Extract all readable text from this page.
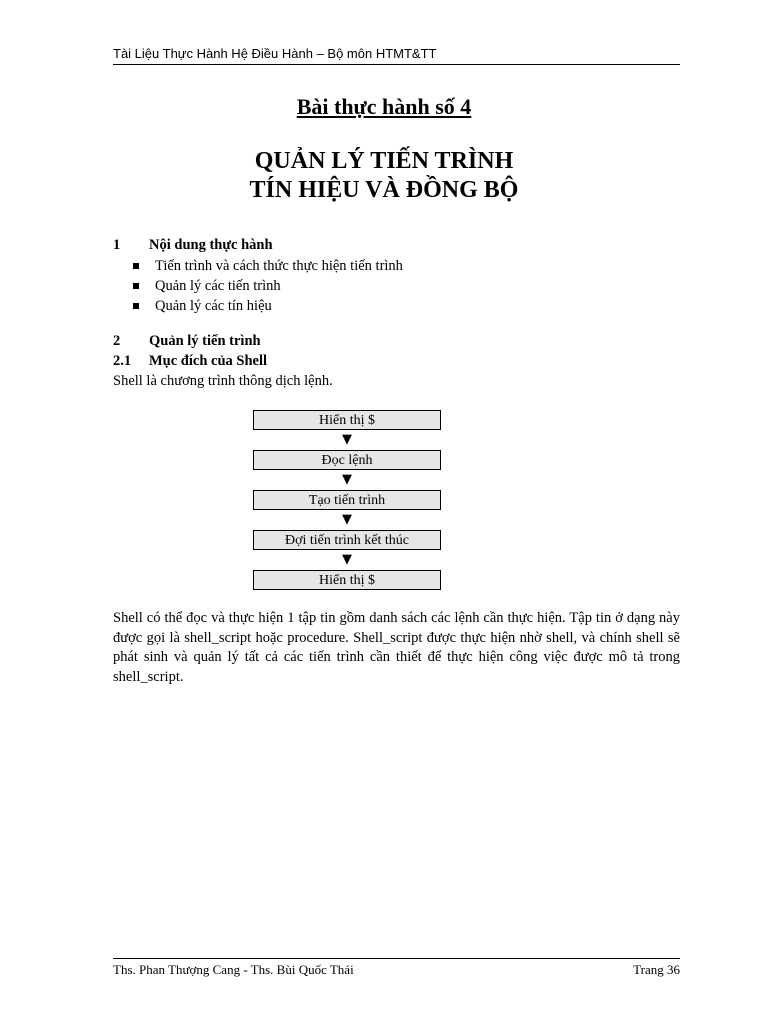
Tài Liệu Thực Hành Hệ Điều Hành – Bộ môn HTMT&TT
Bài thực hành số 4
QUẢN LÝ TIẾN TRÌNH
TÍN HIỆU VÀ ĐỒNG BỘ
1 Nội dung thực hành
Tiến trình và cách thức thực hiện tiến trình
Quản lý các tiến trình
Quản lý các tín hiệu
2 Quản lý tiến trình
2.1 Mục đích của Shell
Shell là chương trình thông dịch lệnh.
Hiển thị $
▼
Đọc lệnh
▼
Tạo tiến trình
▼
Đợi tiến trình kết thúc
▼
Hiển thị $
Shell có thể đọc và thực hiện 1 tập tin gồm danh sách các lệnh cần thực hiện. Tập tin ở dạng này được gọi là shell_script hoặc procedure. Shell_script được thực hiện nhờ shell, và chính shell sẽ phát sinh và quản lý tất cả các tiến trình cần thiết để thực hiện công việc được mô tả trong shell_script.
Ths. Phan Thượng Cang - Ths. Bùi Quốc Thái	Trang 36
